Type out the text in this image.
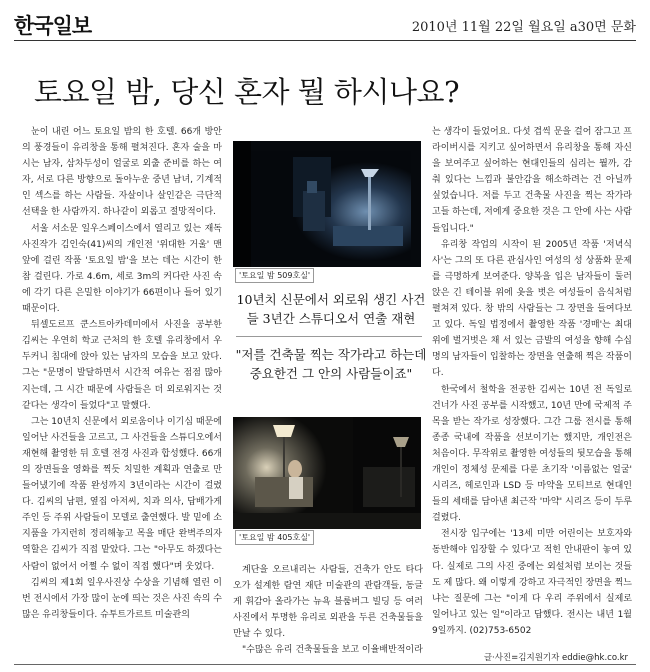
한국일보	2010년 11월 22일 월요일 a30면 문화
토요일 밤, 당신 혼자 뭘 하시나요?

눈이 내린 어느 토요일 밤의 한 호텔. 66개 방안의 풍경들이 유리창을 통해 펼쳐진다. 혼자 술을 마시는 남자, 삼차두성이 얼굴로 외출 준비를 하는 여자, 서로 다른 방향으로 돌아누운 중년 남녀, 기계적인 섹스를 하는 사람들. 자살이나 살인같은 극단적 선택을 한 사람까지. 하나같이 외롭고 절망적이다.

서울 서소문 일우스페이스에서 열리고 있는 재독 사진작가 김인숙(41)씨의 개인전 '위대한 거울' 맨 앞에 걸린 작품 '토요일 밤'을 보는 데는 시간이 한참 걸린다. 가로 4.6m, 세로 3m의 커다란 사진 속에 각기 다른 은밀한 이야기가 66편이나 들어 있기 때문이다.

뒤셀도르프 쿤스트아카데미에서 사진을 공부한 김씨는 우연히 학교 근처의 한 호텔 유리창에서 우두커니 침대에 앉아 있는 남자의 모습을 보고 았다. 그는 "문명이 발달하면서 시간적 여유는 점점 많아지는데, 그 시간 때문에 사람들은 더 외로워지는 것 같다는 생각이 들었다"고 말했다.

그는 10년치 신문에서 외로움이나 이기심 때문에 일어난 사건들을 고르고, 그 사건들을 스튜디오에서 재현해 촬영한 뒤 호텔 전경 사진과 합성했다. 66개의 장면들을 영화를 찍듯 치밀한 계획과 연출로 만들어냈기에 작품 완성까지 3년이라는 시간이 걸렸다. 김씨의 남편, 옆집 아저씨, 치과 의사, 답배가게 주인 등 주위 사람들이 모델로 출연했다. 발 밑에 소지품을 가지런히 정리해놓고 목을 매단 완벽주의자 역할은 김씨가 직접 맡았다. 그는 "아무도 하겠다는 사람이 없어서 어쩔 수 없이 직접 했다"며 웃었다.

김씨의 제1회 일우사진상 수상을 기념해 열린 이번 전시에서 가장 많이 눈에 띄는 것은 사진 속의 수많은 유리창들이다. 슈투트가르트 미술관의

'토요일 밤 509호실'
10년치 신문에서 외로워 생긴 사건들 3년간 스튜디오서 연출 재현
"저를 건축물 찍는 작가라고 하는데 중요한건 그 안의 사람들이죠"
'토요일 밤 405호실'

계단을 오르내리는 사람들, 건축가 안도 타다오가 설계한 람연 재단 미술관의 관람객들, 동글게 휘감아 올라가는 뉴욕 블룸버그 빌딩 등 여러 사진에서 투명한 유리로 외관을 두른 건축물들을 만날 수 있다.

"수많은 유리 건축물들을 보고 이율배반적이라

는 생각이 들었어요. 다섯 겹씩 문을 걸어 잠그고 프라이버시를 지키고 싶어하면서 유리창을 통해 자신을 보여주고 싶어하는 현대인들의 심리는 뭘까, 감춰 있다는 느낌과 불안감을 해소하려는 건 아닐까 싶었습니다. 저를 두고 건축물 사진을 찍는 작가라고들 하는데, 저에게 중요한 것은 그 안에 사는 사람들입니다."

유리창 작업의 시작이 된 2005년 작품 '저녁식사'는 그의 또 다른 관심사인 여성의 성 상품화 문제를 극명하게 보여준다. 양복을 입은 남자들이 둘러 앉은 긴 테이블 위에 옷을 벗은 여성들이 음식처럼 펼쳐져 있다. 창 밖의 사람들는 그 장면을 들여다보고 있다. 독일 법정에서 촬영한 작품 '경매'는 최대 위에 벌거벗은 채 서 있는 금발의 여성을 향해 수십 명의 남자들이 입찰하는 장면을 연출해 찍은 작품이다.

한국에서 철학을 전공한 김씨는 10년 전 독일로 건너가 사진 공부를 시작했고, 10년 만에 국제적 주목을 받는 작가로 성장했다. 그간 그룹 전시를 통해 종종 국내에 작품을 선보이기는 했지만, 개인전은 처음이다. 무작위로 촬영한 여성들의 뒷모습을 통해 개인이 정체성 문제를 다룬 초기작 '이름없는 얼굴' 시리즈, 헤로인과 LSD 등 마약을 모티브로 현대인들의 세태를 담아낸 최근작 '마약' 시리즈 등이 두루 걸렸다.

전시장 입구에는 '13세 미만 어린이는 보호자와 동반해야 입장할 수 있다'고 적힌 안내판이 놓여 있다. 실제로 그의 사진 중에는 외설처럼 보이는 것들도 제 많다. 왜 이렇게 강하고 자극적인 장면을 찍느냐는 질문에 그는 "이게 다 우리 주위에서 실제로 일어나고 있는 일"이라고 답했다. 전시는 내년 1월 9일까지. (02)753-6502

글·사진=김지원기자 eddie@hk.co.kr
